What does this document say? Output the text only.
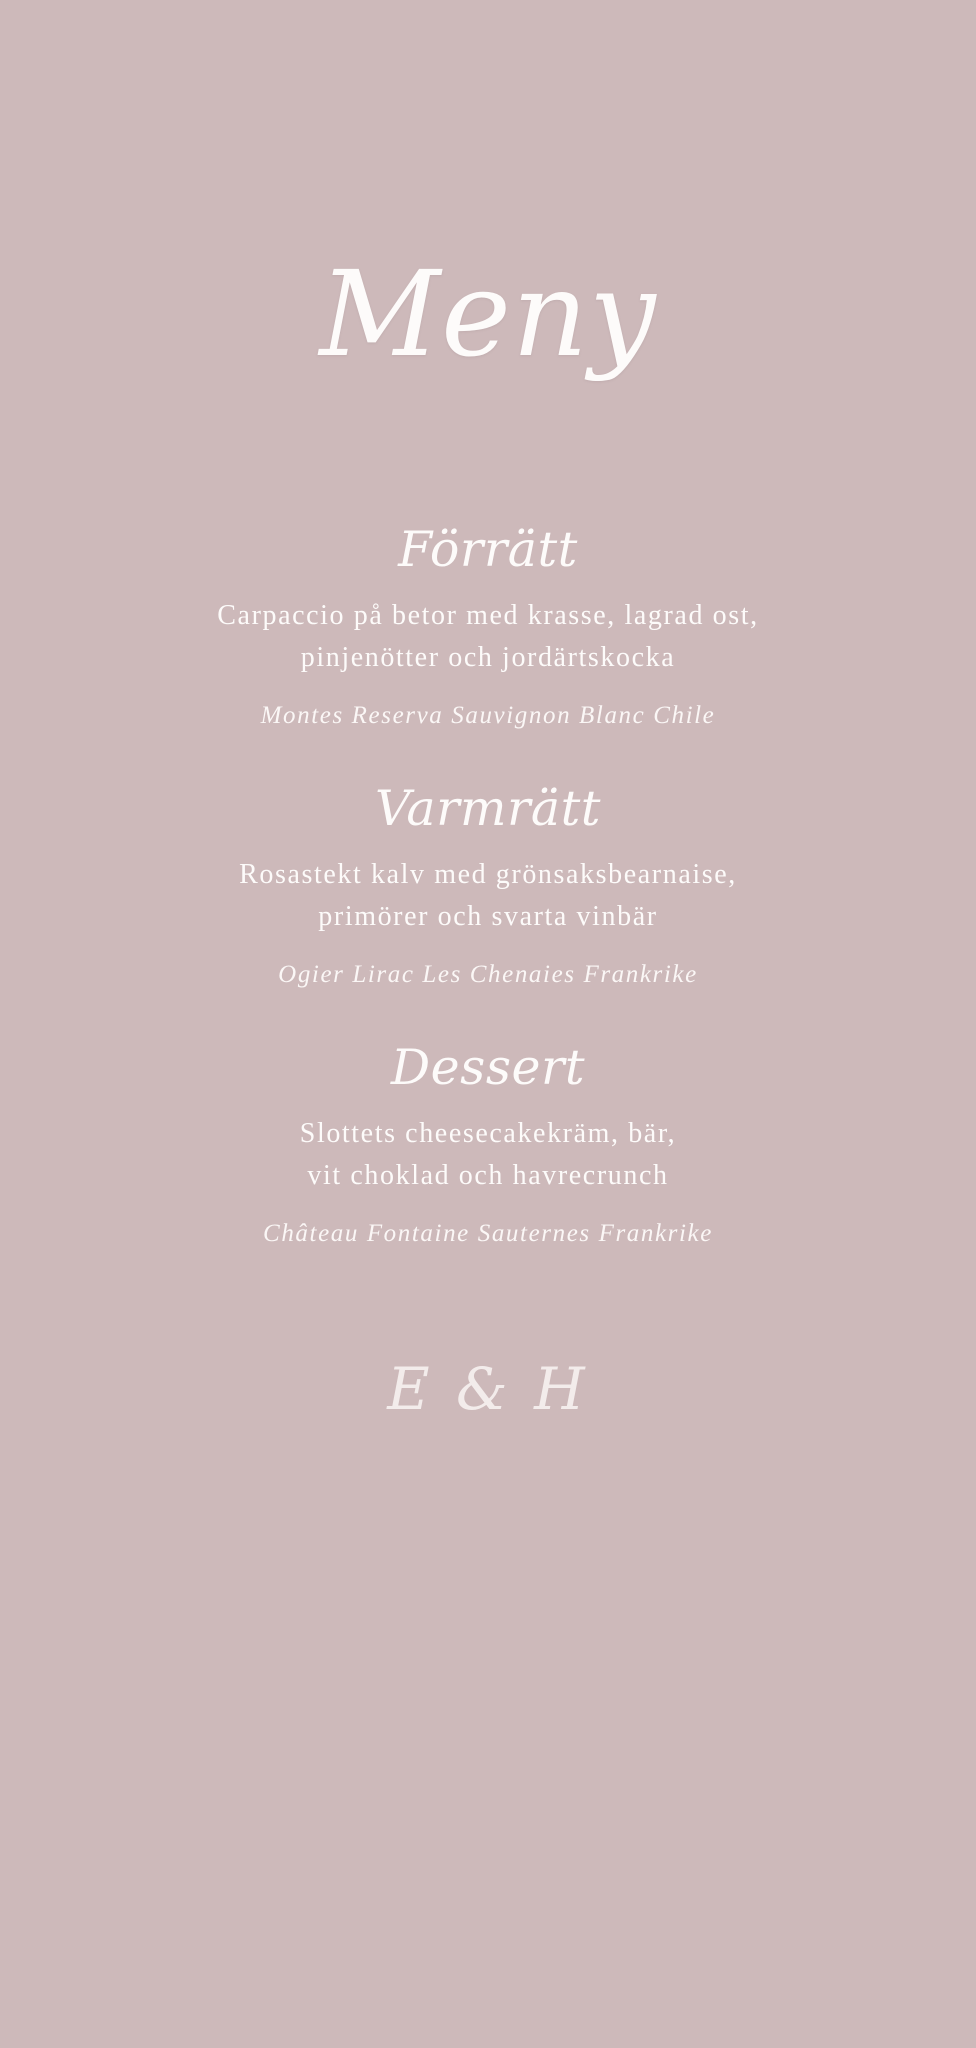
Meny
Förrätt
Carpaccio på betor med krasse, lagrad ost,
pinjenötter och jordärtskocka
Montes Reserva Sauvignon Blanc Chile
Varmrätt
Rosastekt kalv med grönsaksbearnaise,
primörer och svarta vinbär
Ogier Lirac Les Chenaies Frankrike
Dessert
Slottets cheesecakekräm, bär,
vit choklad och havrecrunch
Château Fontaine Sauternes Frankrike
E & H
